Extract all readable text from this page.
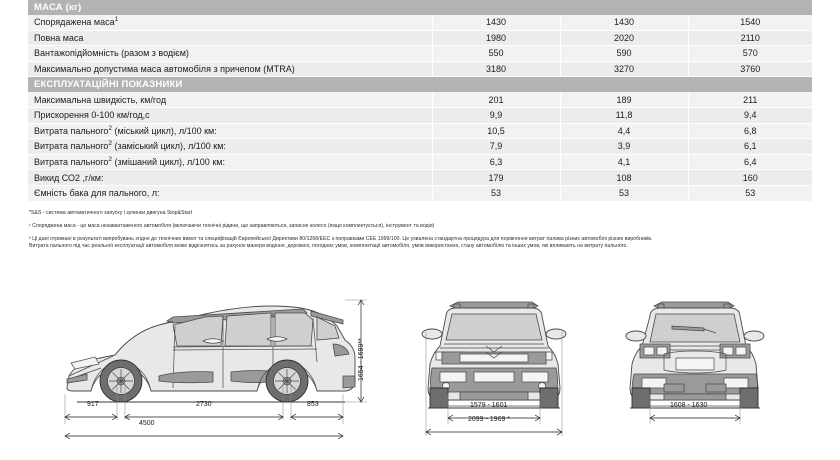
МАСА (кг)			
Спорядажена маса$^1$	1430	1430	1540
Повна маса	1980	2020	2110
Вантажопідйомність (разом з водієм)	550	590	570
Максимально допустима маса автомобіля з причепом (MTRA)	3180	3270	3760
ЕКСПЛУАТАЦІЙНІ ПОКАЗНИКИ			
Максимальна швидкість, км/год	201	189	211
Прискорення 0-100 км/год,с	9,9	11,8	9,4
Витрата пального$^2$ (міський цикл), л/100 км:	10,5	4,4	6,8
Витрата пального$^2$ (заміський цикл), л/100 км:	7,9	3,9	6,1
Витрата пального$^2$ (змішаний цикл), л/100 км:	6,3	4,1	6,4
Викид СО2 ,г/км:	179	108	160
Ємність бака для пального, л:	53	53	53
*S&S - система автоматичного запуску і зупинки двигуна Stop&Start
¹ Споряджена маса - це маса незавантаженого автомобіля (включаючи технічні рідини, що заправляються, запасне колесо (якщо комплектується), інструмент та водія)
² Ці дані отримані в результаті випробувань згідно до технічних вимог та специфікацій Європейської Директиви 80/1268/EEC з поправками CEE 1999/100. Це ухвалена стандартна процедура для порівняння витрат палива різних автомобілі різних виробників.
Витрата пального під час реальної експлуатації автомобіля може відрізнятись за рахунок манери водіння, дорожніх, погодних умов, комплектації автомобіля, умов використання, стану автомобілю та інших умов, які впливають на витрату пального.
917	2730	853
4500
1654 - 1689**
1579 - 1601
2099 - 1969 *
1608 - 1630
